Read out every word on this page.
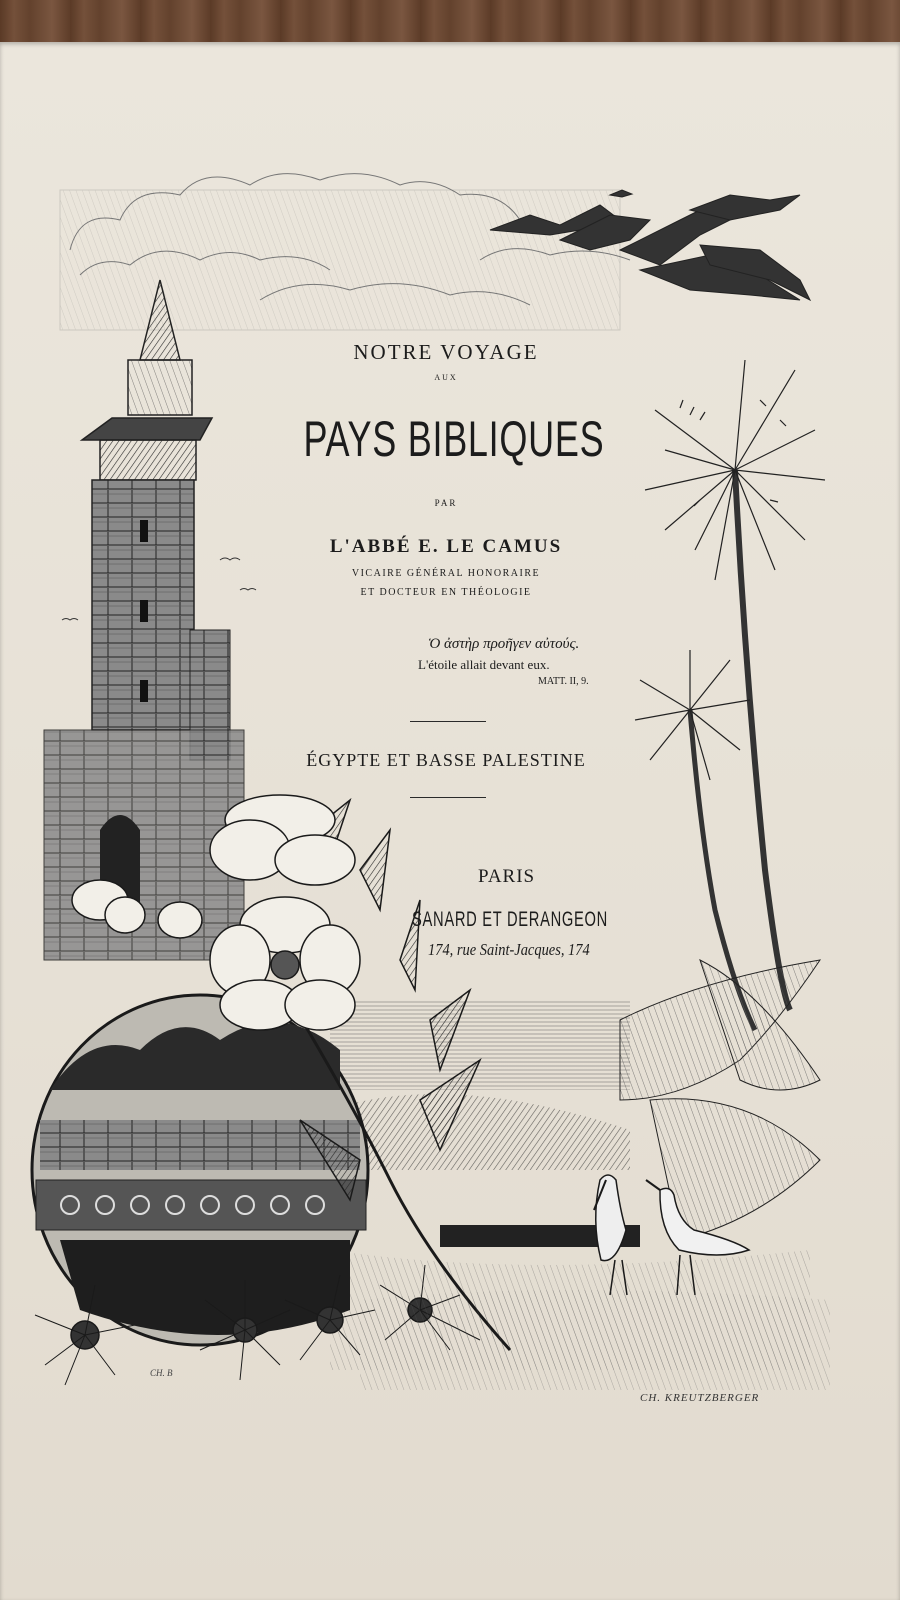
NOTRE VOYAGE
AUX
PAYS BIBLIQUES
PAR
L'ABBÉ E. LE CAMUS
VICAIRE GÉNÉRAL HONORAIRE
ET DOCTEUR EN THÉOLOGIE
Ὁ ἀστὴρ προῆγεν αὐτούς.
L'étoile allait devant eux.
MATT. II, 9.
ÉGYPTE ET BASSE PALESTINE
PARIS
SANARD ET DERANGEON
174, rue Saint-Jacques, 174
CH. B
CH. KREUTZBERGER
